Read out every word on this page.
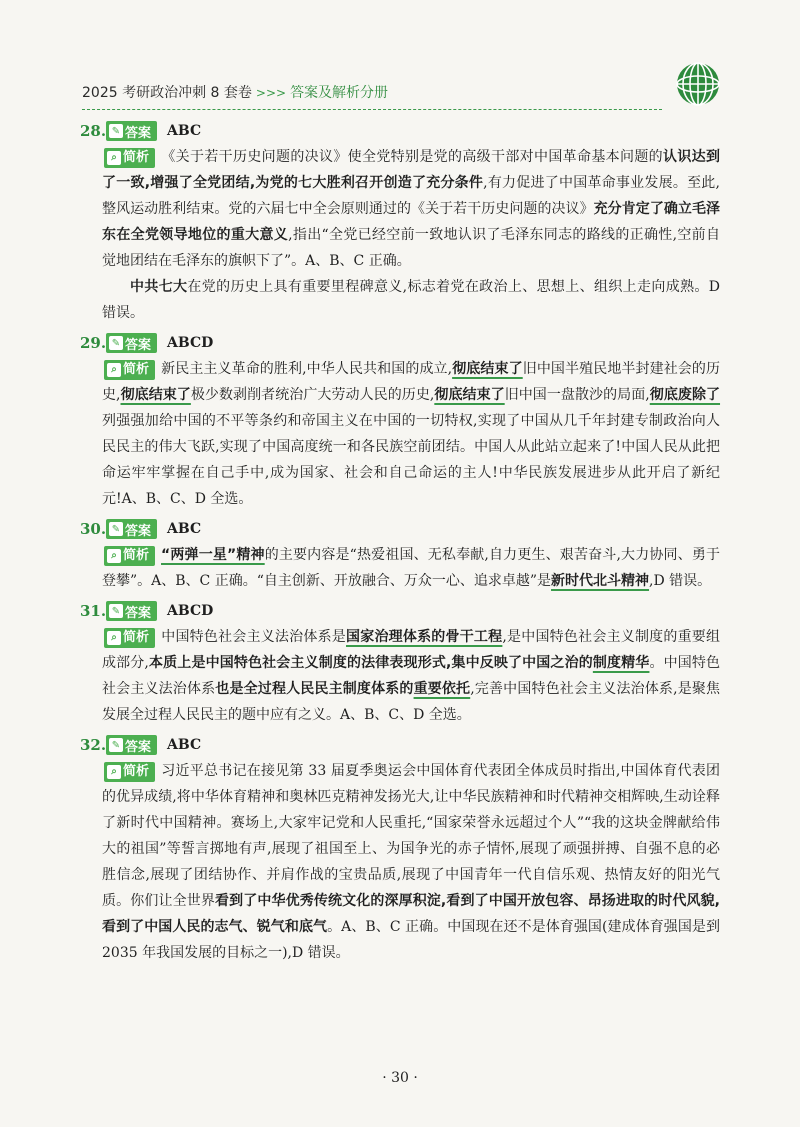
2025 考研政治冲刺 8 套卷 >>> 答案及解析分册
28 .	✎ 答案 ABC
⌕ 简析 《关于若干历史问题的决议》使全党特别是党的高级干部对中国革命基本问题的认识达到了一致,增强了全党团结,为党的七大胜利召开创造了充分条件,有力促进了中国革命事业发展。至此,整风运动胜利结束。党的六届七中全会原则通过的《关于若干历史问题的决议》充分肯定了确立毛泽东在全党领导地位的重大意义,指出“全党已经空前一致地认识了毛泽东同志的路线的正确性,空前自觉地团结在毛泽东的旗帜下了”。A、B、C 正确。
中共七大在党的历史上具有重要里程碑意义,标志着党在政治上、思想上、组织上走向成熟。D 错误。
29 .	✎ 答案 ABCD
⌕ 简析 新民主主义革命的胜利,中华人民共和国的成立,彻底结束了旧中国半殖民地半封建社会的历史,彻底结束了极少数剥削者统治广大劳动人民的历史,彻底结束了旧中国一盘散沙的局面,彻底废除了列强强加给中国的不平等条约和帝国主义在中国的一切特权,实现了中国从几千年封建专制政治向人民民主的伟大飞跃,实现了中国高度统一和各民族空前团结。中国人从此站立起来了!中国人民从此把命运牢牢掌握在自己手中,成为国家、社会和自己命运的主人!中华民族发展进步从此开启了新纪元!A、B、C、D 全选。
30 .	✎ 答案 ABC
⌕ 简析 “两弹一星”精神的主要内容是“热爱祖国、无私奉献,自力更生、艰苦奋斗,大力协同、勇于登攀”。A、B、C 正确。“自主创新、开放融合、万众一心、追求卓越”是新时代北斗精神,D 错误。
31 .	✎ 答案 ABCD
⌕ 简析 中国特色社会主义法治体系是国家治理体系的骨干工程,是中国特色社会主义制度的重要组成部分,本质上是中国特色社会主义制度的法律表现形式,集中反映了中国之治的制度精华。中国特色社会主义法治体系也是全过程人民民主制度体系的重要依托,完善中国特色社会主义法治体系,是聚焦发展全过程人民民主的题中应有之义。A、B、C、D 全选。
32 .	✎ 答案 ABC
⌕ 简析 习近平总书记在接见第 33 届夏季奥运会中国体育代表团全体成员时指出,中国体育代表团的优异成绩,将中华体育精神和奥林匹克精神发扬光大,让中华民族精神和时代精神交相辉映,生动诠释了新时代中国精神。赛场上,大家牢记党和人民重托,“国家荣誉永远超过个人”“我的这块金牌献给伟大的祖国”等誓言掷地有声,展现了祖国至上、为国争光的赤子情怀,展现了顽强拼搏、自强不息的必胜信念,展现了团结协作、并肩作战的宝贵品质,展现了中国青年一代自信乐观、热情友好的阳光气质。你们让全世界看到了中华优秀传统文化的深厚积淀,看到了中国开放包容、昂扬进取的时代风貌,看到了中国人民的志气、锐气和底气。A、B、C 正确。中国现在还不是体育强国(建成体育强国是到 2035 年我国发展的目标之一),D 错误。
· 30 ·
